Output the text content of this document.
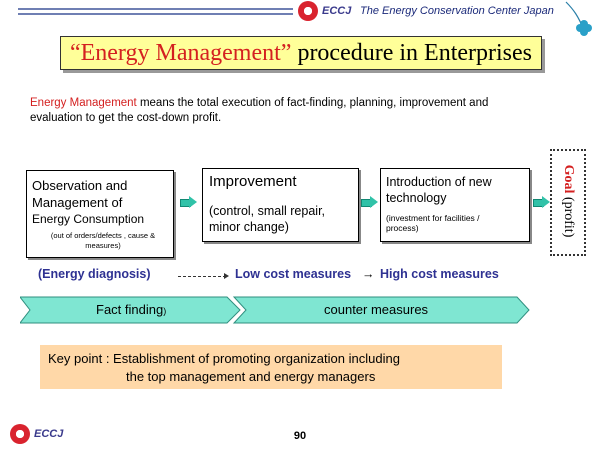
ECCJ The Energy Conservation Center Japan
“Energy Management” procedure in Enterprises
Energy Management means the total execution of fact-finding, planning, improvement and
evaluation to get the cost-down profit.
Observation and
Management of
Energy Consumption
(out of orders/defects , cause &
measures)
Improvement
(control, small repair,
minor change)
Introduction of new
technology
(investment for facilities /
process)
Goal (profit)
(Energy diagnosis)	Low cost measures → High cost measures
Fact finding)	counter measures
Key point : Establishment of promoting organization including
the top management and energy managers
ECCJ	90
